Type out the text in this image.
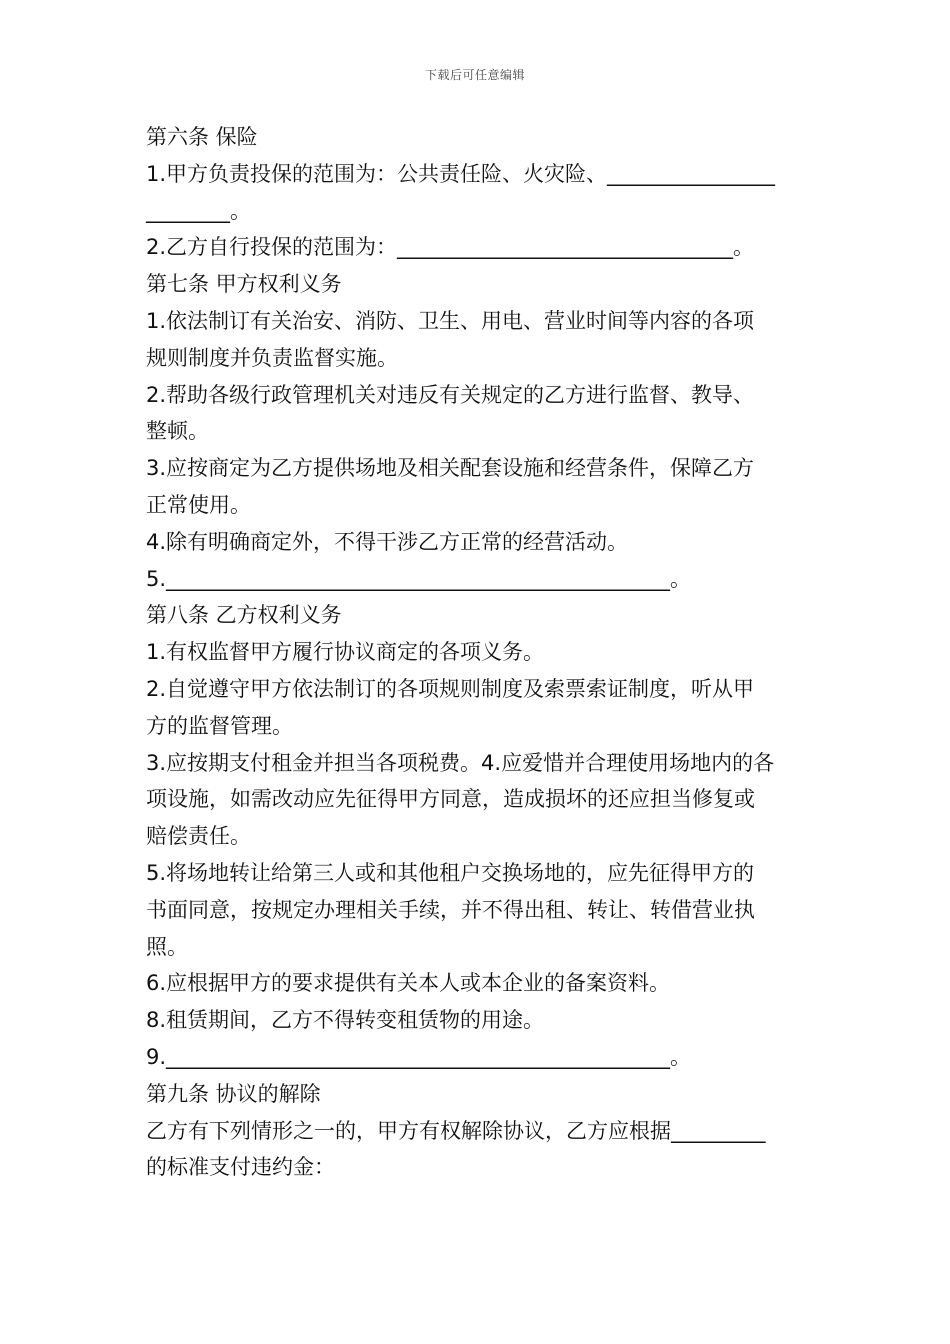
下载后可任意编辑
第六条 保险
1.甲方负责投保的范围为：公共责任险、火灾险、________________
________。
2.乙方自行投保的范围为：________________________________。
第七条 甲方权利义务
1.依法制订有关治安、消防、卫生、用电、营业时间等内容的各项
规则制度并负责监督实施。
2.帮助各级行政管理机关对违反有关规定的乙方进行监督、教导、
整顿。
3.应按商定为乙方提供场地及相关配套设施和经营条件，保障乙方
正常使用。
4.除有明确商定外，不得干涉乙方正常的经营活动。
5.________________________________________________。
第八条 乙方权利义务
1.有权监督甲方履行协议商定的各项义务。
2.自觉遵守甲方依法制订的各项规则制度及索票索证制度，听从甲
方的监督管理。
3.应按期支付租金并担当各项税费。4.应爱惜并合理使用场地内的各
项设施，如需改动应先征得甲方同意，造成损坏的还应担当修复或
赔偿责任。
5.将场地转让给第三人或和其他租户交换场地的，应先征得甲方的
书面同意，按规定办理相关手续，并不得出租、转让、转借营业执
照。
6.应根据甲方的要求提供有关本人或本企业的备案资料。
8.租赁期间，乙方不得转变租赁物的用途。
9.________________________________________________。
第九条 协议的解除
乙方有下列情形之一的，甲方有权解除协议，乙方应根据_________
的标准支付违约金：
